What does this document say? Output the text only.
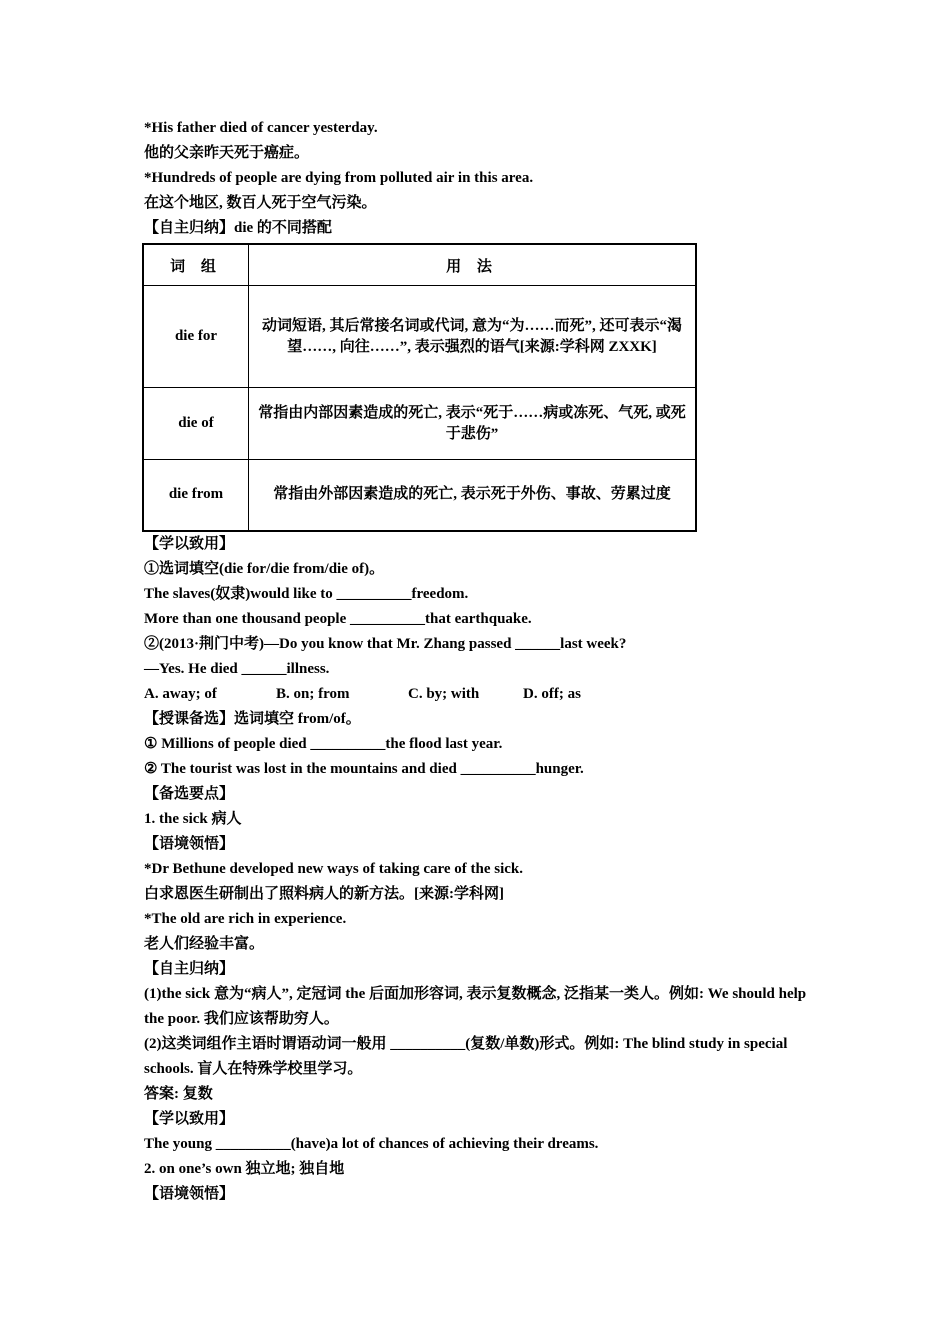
*His father died of cancer yesterday.
他的父亲昨天死于癌症。
*Hundreds of people are dying from polluted air in this area.
在这个地区, 数百人死于空气污染。
【自主归纳】die 的不同搭配
词 组	用 法
die for	动词短语, 其后常接名词或代词, 意为“为……而死”, 还可表示“渴望……, 向往……”, 表示强烈的语气[来源:学科网 ZXXK]
die of	常指由内部因素造成的死亡, 表示“死于……病或冻死、气死, 或死于悲伤”
die from	常指由外部因素造成的死亡, 表示死于外伤、事故、劳累过度
【学以致用】
①选词填空(die for/die from/die of)。
The slaves(奴隶)would like to __________freedom.
More than one thousand people __________that earthquake.
②(2013·荆门中考)—Do you know that Mr. Zhang passed ______last week?
—Yes. He died ______illness.
A. away; of	B. on; from	C. by; with	D. off; as
【授课备选】选词填空 from/of。
① Millions of people died __________the flood last year.
② The tourist was lost in the mountains and died __________hunger.
【备选要点】
1. the sick 病人
【语境领悟】
*Dr Bethune developed new ways of taking care of the sick.
白求恩医生研制出了照料病人的新方法。[来源:学科网]
*The old are rich in experience.
老人们经验丰富。
【自主归纳】
(1)the sick 意为“病人”, 定冠词 the 后面加形容词, 表示复数概念, 泛指某一类人。例如: We should help the poor. 我们应该帮助穷人。
(2)这类词组作主语时谓语动词一般用 __________(复数/单数)形式。例如: The blind study in special schools. 盲人在特殊学校里学习。
答案: 复数
【学以致用】
The young __________(have)a lot of chances of achieving their dreams.
2. on one’s own 独立地; 独自地
【语境领悟】
